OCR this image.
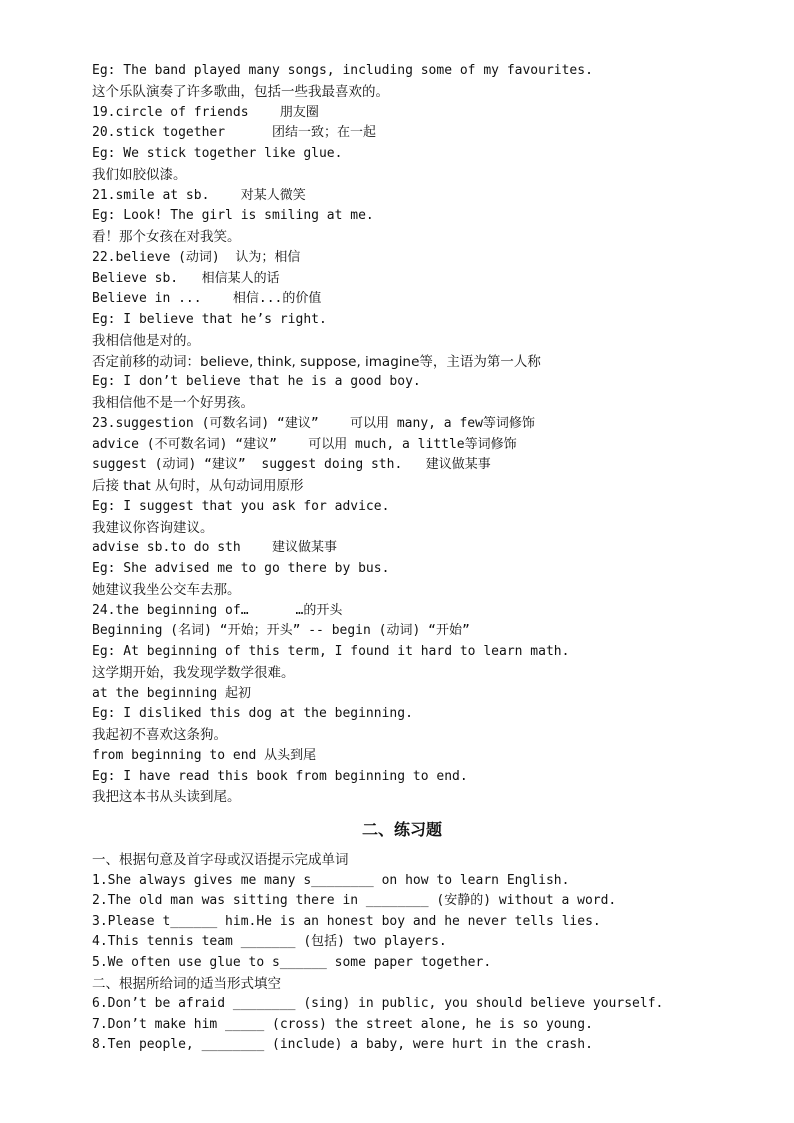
Eg: The band played many songs, including some of my favourites.
这个乐队演奏了许多歌曲，包括一些我最喜欢的。
19.circle of friends    朋友圈
20.stick together      团结一致；在一起
Eg: We stick together like glue.
我们如胶似漆。
21.smile at sb.    对某人微笑
Eg: Look! The girl is smiling at me.
看！那个女孩在对我笑。
22.believe (动词)  认为；相信
Believe sb.   相信某人的话
Believe in ...    相信...的价值
Eg: I believe that he’s right.
我相信他是对的。
否定前移的动词：believe, think, suppose, imagine等，主语为第一人称
Eg: I don’t believe that he is a good boy.
我相信他不是一个好男孩。
23.suggestion (可数名词) “建议”    可以用 many, a few等词修饰
advice (不可数名词) “建议”    可以用 much, a little等词修饰
suggest (动词) “建议”  suggest doing sth.   建议做某事
后接 that 从句时，从句动词用原形
Eg: I suggest that you ask for advice.
我建议你咨询建议。
advise sb.to do sth    建议做某事
Eg: She advised me to go there by bus.
她建议我坐公交车去那。
24.the beginning of…      …的开头
Beginning (名词) “开始；开头” -- begin (动词) “开始”
Eg: At beginning of this term, I found it hard to learn math.
这学期开始，我发现学数学很难。
at the beginning 起初
Eg: I disliked this dog at the beginning.
我起初不喜欢这条狗。
from beginning to end 从头到尾
Eg: I have read this book from beginning to end.
我把这本书从头读到尾。
二、练习题
一、根据句意及首字母或汉语提示完成单词
1.She always gives me many s________ on how to learn English.
2.The old man was sitting there in ________ (安静的) without a word.
3.Please t______ him.He is an honest boy and he never tells lies.
4.This tennis team _______ (包括) two players.
5.We often use glue to s______ some paper together.
二、根据所给词的适当形式填空
6.Don’t be afraid ________ (sing) in public, you should believe yourself.
7.Don’t make him _____ (cross) the street alone, he is so young.
8.Ten people, ________ (include) a baby, were hurt in the crash.
